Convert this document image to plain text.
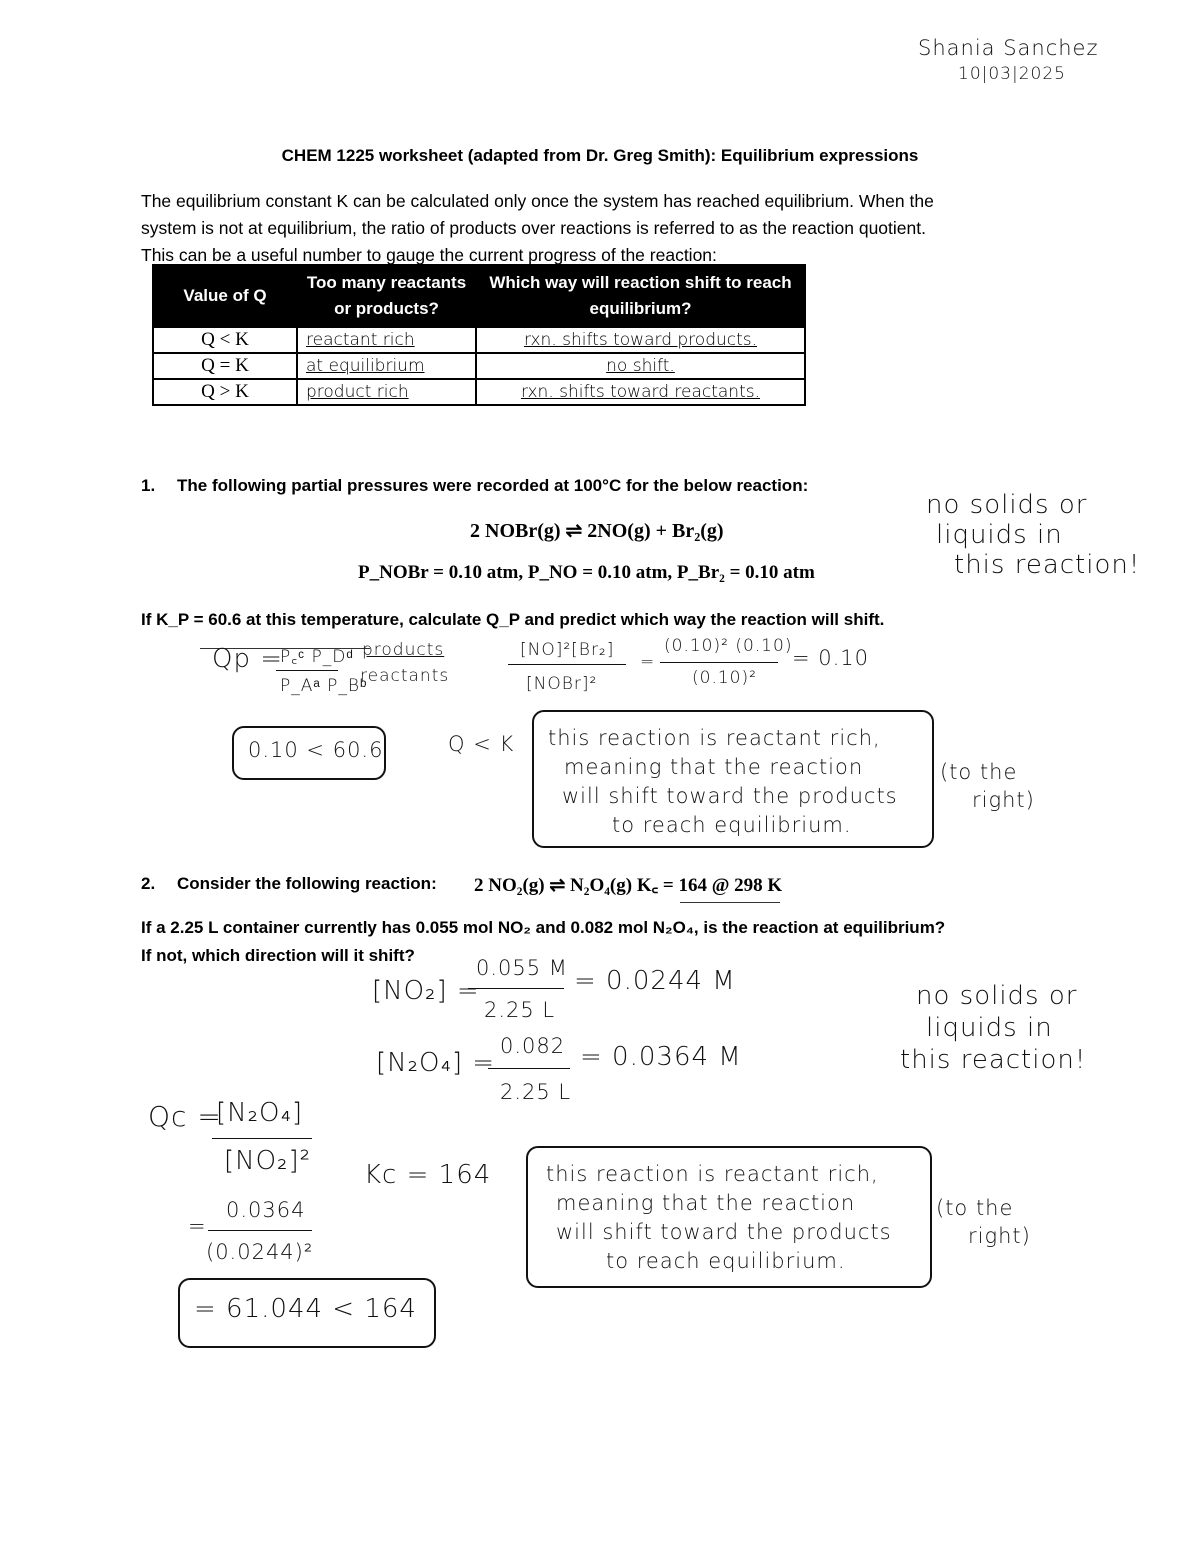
Shania Sanchez
10|03|2025
CHEM 1225 worksheet (adapted from Dr. Greg Smith): Equilibrium expressions
The equilibrium constant K can be calculated only once the system has reached equilibrium. When the
system is not at equilibrium, the ratio of products over reactions is referred to as the reaction quotient.
This can be a useful number to gauge the current progress of the reaction:
Value of Q	Too many reactants or products?	Which way will reaction shift to reach equilibrium?
Q < K	reactant rich	rxn. shifts toward products.
Q = K	at equilibrium	no shift.
Q > K	product rich	rxn. shifts toward reactants.
1. The following partial pressures were recorded at 100°C for the below reaction:
2 NOBr(g) ⇌ 2NO(g) + Br₂(g)
P_NOBr = 0.10 atm, P_NO = 0.10 atm, P_Br₂ = 0.10 atm
If K_P = 60.6 at this temperature, calculate Q_P and predict which way the reaction will shift.
no solids or
liquids in
this reaction!
Qp =
P꜀ᶜ P_Dᵈ
P_Aᵃ P_Bᵇ
products
reactants
[NO]²[Br₂]
[NOBr]²
=
(0.10)² (0.10)
(0.10)²
= 0.10
0.10 < 60.6	Q < K this reaction is reactant rich,
meaning that the reaction
will shift toward the products
to reach equilibrium.
(to the
right)
2. Consider the following reaction: 2 NO₂(g) ⇌ N₂O₄(g) K꜀ = 164 @ 298 K
If a 2.25 L container currently has 0.055 mol NO₂ and 0.082 mol N₂O₄, is the reaction at equilibrium?
If not, which direction will it shift?
no solids or
liquids in
this reaction!
[NO₂] =
0.055 M
2.25 L
= 0.0244 M
[N₂O₄] =
0.082
2.25 L
= 0.0364 M
Qc =
[N₂O₄]
[NO₂]² Kc = 164
=
0.0364
(0.0244)²
= 61.044 < 164
this reaction is reactant rich,
meaning that the reaction
will shift toward the products
to reach equilibrium.
(to the
right)
